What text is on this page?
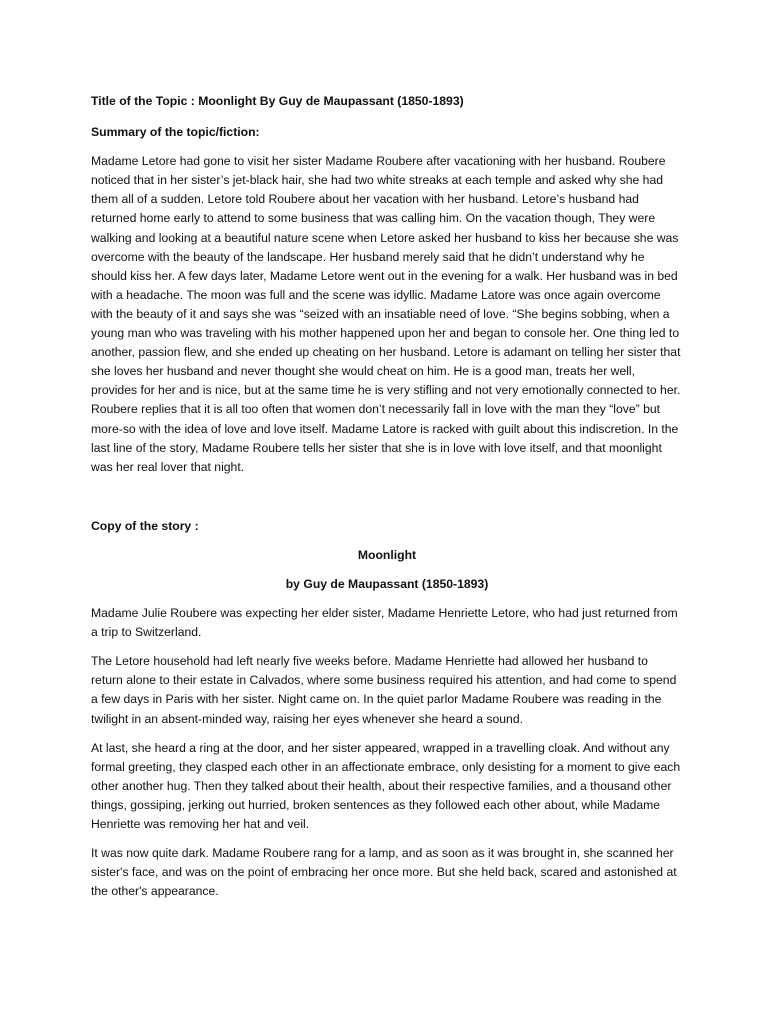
Title of the Topic : Moonlight By Guy de Maupassant (1850-1893)

Summary of the topic/fiction:

Madame Letore had gone to visit her sister Madame Roubere after vacationing with her husband. Roubere noticed that in her sister’s jet-black hair, she had two white streaks at each temple and asked why she had them all of a sudden. Letore told Roubere about her vacation with her husband. Letore’s husband had returned home early to attend to some business that was calling him. On the vacation though, They were walking and looking at a beautiful nature scene when Letore asked her husband to kiss her because she was overcome with the beauty of the landscape. Her husband merely said that he didn’t understand why he should kiss her. A few days later, Madame Letore went out in the evening for a walk. Her husband was in bed with a headache. The moon was full and the scene was idyllic. Madame Latore was once again overcome with the beauty of it and says she was “seized with an insatiable need of love. “She begins sobbing, when a young man who was traveling with his mother happened upon her and began to console her. One thing led to another, passion flew, and she ended up cheating on her husband. Letore is adamant on telling her sister that she loves her husband and never thought she would cheat on him. He is a good man, treats her well, provides for her and is nice, but at the same time he is very stifling and not very emotionally connected to her. Roubere replies that it is all too often that women don’t necessarily fall in love with the man they “love” but more-so with the idea of love and love itself. Madame Latore is racked with guilt about this indiscretion. In the last line of the story, Madame Roubere tells her sister that she is in love with love itself, and that moonlight was her real lover that night.

Copy of the story :

Moonlight

by Guy de Maupassant (1850-1893)

Madame Julie Roubere was expecting her elder sister, Madame Henriette Letore, who had just returned from a trip to Switzerland.

The Letore household had left nearly five weeks before. Madame Henriette had allowed her husband to return alone to their estate in Calvados, where some business required his attention, and had come to spend a few days in Paris with her sister. Night came on. In the quiet parlor Madame Roubere was reading in the twilight in an absent-minded way, raising her eyes whenever she heard a sound.

At last, she heard a ring at the door, and her sister appeared, wrapped in a travelling cloak. And without any formal greeting, they clasped each other in an affectionate embrace, only desisting for a moment to give each other another hug. Then they talked about their health, about their respective families, and a thousand other things, gossiping, jerking out hurried, broken sentences as they followed each other about, while Madame Henriette was removing her hat and veil.

It was now quite dark. Madame Roubere rang for a lamp, and as soon as it was brought in, she scanned her sister's face, and was on the point of embracing her once more. But she held back, scared and astonished at the other's appearance.
